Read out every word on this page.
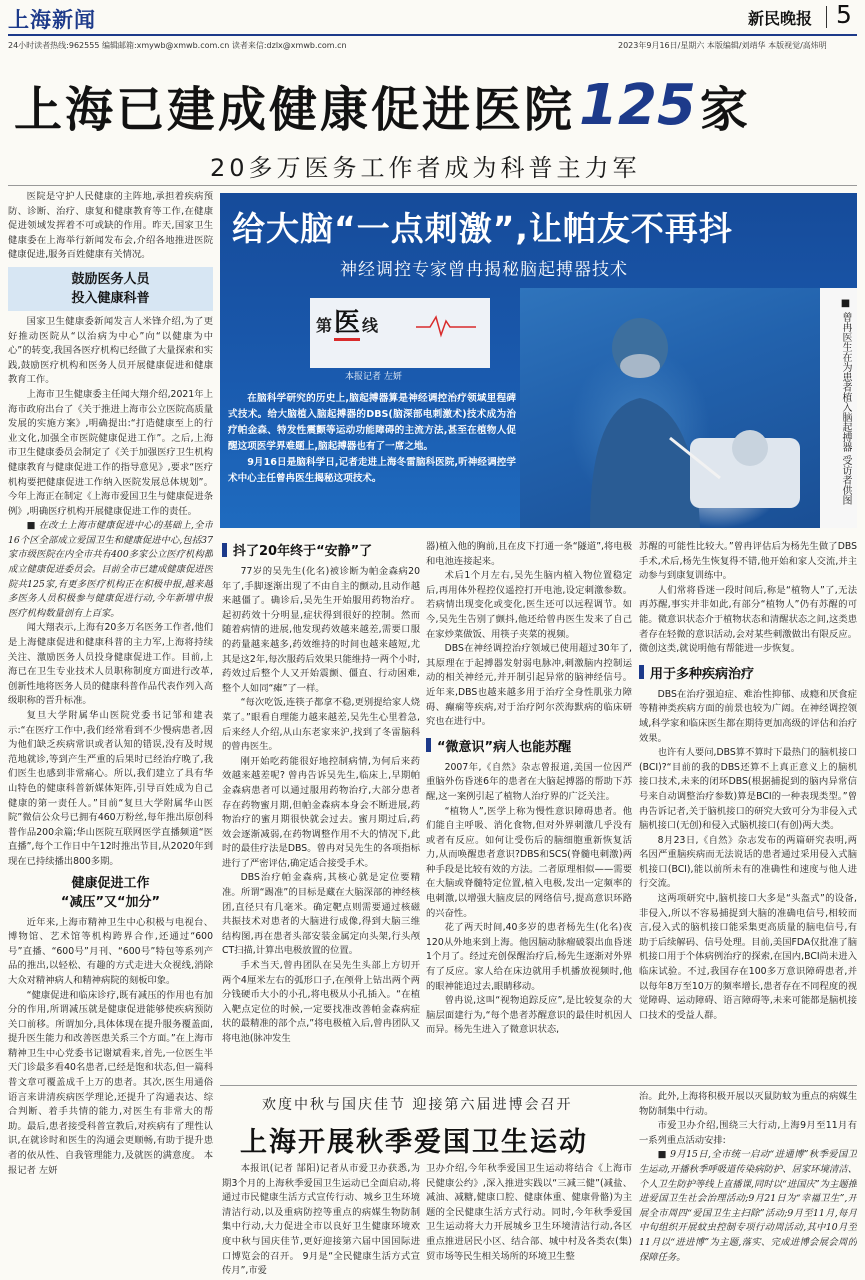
上海新闻	新民晚报 5
24小时读者热线:962555 编辑邮箱:xmywb@xmwb.com.cn 读者来信:dzlx@xmwb.com.cn	2023年9月16日/星期六 本版编辑/刘靖华 本版视觉/高炜明
上海已建成健康促进医院 125 家
20多万医务工作者成为科普主力军

医院是守护人民健康的主阵地,承担着疾病预防、诊断、治疗、康复和健康教育等工作,在健康促进领域发挥着不可或缺的作用。昨天,国家卫生健康委在上海举行新闻发布会,介绍各地推进医院健康促进,服务百姓健康有关情况。

鼓励医务人员
投入健康科普

国家卫生健康委新闻发言人米锋介绍,为了更好推动医院从“以治病为中心”向“以健康为中心”的转变,我国各医疗机构已经做了大量探索和实践,鼓励医疗机构和医务人员开展健康促进和健康教育工作。

上海市卫生健康委主任闻大翔介绍,2021年上海市政府出台了《关于推进上海市公立医院高质量发展的实施方案》,明确提出:“打造健康至上的行业文化,加强全市医院健康促进工作”。之后,上海市卫生健康委员会制定了《关于加强医疗卫生机构健康教育与健康促进工作的指导意见》,要求“医疗机构要把健康促进工作纳入医院发展总体规划”。今年上海正在制定《上海市爱国卫生与健康促进条例》,明确医疗机构开展健康促进工作的责任。

■ 在改土上海市健康促进中心的基础上,全市16个区全部成立爱国卫生和健康促进中心,包括37家市级医院在内全市共有400多家公立医疗机构都成立健康促进委员会。目前全市已建成健康促进医院共125家,有更多医疗机构正在积极申报,越来越多医务人员积极参与健康促进行动,今年新增申报医疗机构数量创有上百家。

闻大翔表示,上海有20多万名医务工作者,他们是上海健康促进和健康科普的主力军,上海将持续关注、激励医务人员投身健康促进工作。目前,上海已在卫生专业技术人员职称制度方面进行改革,创新性地将医务人员的健康科普作品代表作列入高级职称的晋升标准。

复旦大学附属华山医院党委书记邹和建表示:“在医疗工作中,我们经常看到不少慢病患者,因为他们缺乏疾病常识或者认知的错误,没有及时规范地就诊,等到产生严重的后果时已经治疗晚了,我们医生也感到非常痛心。所以,我们建立了具有华山特色的健康科普新媒体矩阵,引导百姓成为自己健康的第一责任人。”目前“复旦大学附属华山医院”微信公众号已拥有460万粉丝,每年推出原创科普作品200余篇;华山医院互联网医学直播频道“医直播”,每个工作日中午12时推出节目,从2020年到现在已持续播出800多期。

健康促进工作
“减压”又“加分”

近年来,上海市精神卫生中心积极与电视台、博物馆、艺术馆等机构跨界合作,还通过“600号”直播、“600号”月刊、“600号”特包等系列产品的推出,以轻松、有趣的方式走进大众视线,消除大众对精神病人和精神病院的刻板印象。

“健康促进和临床诊疗,既有减压的作用也有加分的作用,所谓减压就是健康促进能够使疾病预防关口前移。所谓加分,具体体现在提升服务覆盖面,提升医生能力和改善医患关系三个方面。”在上海市精神卫生中心党委书记谢斌看来,首先,一位医生半天门诊最多看40名患者,已经是饱和状态,但一篇科普文章可覆盖成千上万的患者。其次,医生用通俗语言来讲清疾病医学理论,还提升了沟通表达、综合判断、着手共情的能力,对医生有非常大的帮助。最后,患者接受科普宣教后,对疾病有了理性认识,在就诊时和医生的沟通会更顺畅,有助于提升患者的依从性、自我管理能力,及就医的满意度。 本报记者 左妍

给大脑“一点刺激”,让帕友不再抖
神经调控专家曾冉揭秘脑起搏器技术
第 医 线
本报记者 左妍	■ 曾冉医生在为患者植入脑起搏器 受访者供图

在脑科学研究的历史上,脑起搏器算是神经调控治疗领域里程碑式技术。给大脑植入脑起搏器的DBS(脑深部电刺激术)技术成为治疗帕金森、特发性震颤等运动功能障碍的主流方法,甚至在植物人促醒这项医学界难题上,脑起搏器也有了一席之地。

9月16日是脑科学日,记者走进上海冬雷脑科医院,听神经调控学术中心主任曾冉医生揭秘这项技术。

抖了20年终于“安静”了

77岁的吴先生(化名)被诊断为帕金森病20年了,手脚逐渐出现了不由自主的颤动,且动作越来越僵了。确诊后,吴先生开始服用药物治疗。起初药效十分明显,症状得到很好的控制。然而随着病情的进展,他发现药效越来越差,需要口服的药量越来越多,药效维持的时间也越来越短,尤其是这2年,每次服药后效果只能维持一两个小时,药效过后整个人又开始震颤、僵直、行动困难,整个人如同“瘫”了一样。

“每次吃饭,连筷子都拿不稳,更别提给家人烧菜了。”眼看自理能力越来越差,吴先生心里着急,后来经人介绍,从山东老家来沪,找到了冬雷脑科的曾冉医生。

刚开始吃药能很好地控制病情,为何后来药效越来越差呢? 曾冉告诉吴先生,临床上,早期帕金森病患者可以通过服用药物治疗,大部分患者存在药物蜜月期,但帕金森病本身会不断进展,药物治疗的蜜月期很快就会过去。蜜月期过后,药效会逐渐减弱,在药物调整作用不大的情况下,此时的最佳疗法是DBS。曾冉对吴先生的各项指标进行了严密评估,确定适合接受手术。

DBS治疗帕金森病,其核心就是定位要精准。所谓“踢准”的目标是藏在大脑深部的神经核团,直径只有几毫米。确定靶点则需要通过核磁共振技术对患者的大脑进行成像,得到大脑三维结构图,再在患者头部安装金属定向头架,行头颅CT扫描,计算出电极放置的位置。

手术当天,曾冉团队在吴先生头部上方切开两个4厘米左右的弧形口子,在颅骨上钻出两个两分钱硬币大小的小孔,将电极从小孔插入。“在植入靶点定位的时候,一定要找准改善帕金森病症状的最精准的部个点,”将电极植入后,曾冉团队又将电池(脉冲发生

器)植入他的胸前,且在皮下打通一条“隧道”,将电极和电池连接起来。

术后1个月左右,吴先生脑内植入物位置稳定后,再用体外程控仪遥控打开电池,设定刺激参数。若病情出现变化或变化,医生还可以远程调节。如今,吴先生告别了颤抖,他还给曾冉医生发来了自己在家炒菜做饭、用筷子夹菜的视频。

DBS在神经调控治疗领域已使用超过30年了,其原理在于起搏器发射弱电脉冲,刺激脑内控制运动的相关神经元,并开制引起异常的脑神经信号。近年来,DBS也越来越多用于治疗全身性肌张力障碍、癫痫等疾病,对于治疗阿尔茨海默病的临床研究也在进行中。

“微意识”病人也能苏醒

2007年,《自然》杂志曾报道,美国一位因严重脑外伤昏迷6年的患者在大脑起搏器的帮助下苏醒,这一案例引起了植物人治疗界的广泛关注。

“植物人”,医学上称为慢性意识障碍患者。他们能自主呼吸、消化食物,但对外界刺激几乎没有或者有反应。如何让受伤后的脑细胞重新恢复活力,从而唤醒患者意识?DBS和SCS(脊髓电刺激)两种手段是比较有效的方法。二者原理相似——需要在大脑或脊髓特定位置,植入电极,发出一定频率的电刺激,以增强大脑皮层的网络信号,提高意识环路的兴奋性。

花了两天时间,40多岁的患者杨先生(化名)夜120从外地来到上海。他因脑动脉瘤破裂出血昏迷1个月了。经过充创保醒治疗后,杨先生逐渐对外界有了反应。家人给在床边就用手机播放视频时,他的眼神能追过去,眼睛移动。

曾冉说,这叫“视物追踪反应”,是比较复杂的大脑层面建行为,“每个患者苏醒意识的最佳时机因人而异。杨先生进入了微意识状态,

苏醒的可能性比较大。”曾冉评估后为杨先生做了DBS手术,术后,杨先生恢复得不错,他开始和家人交流,并主动参与到康复训练中。

人们常将昏迷一段时间后,称是“植物人”了,无法再苏醒,事实并非如此,有部分“植物人”仍有苏醒的可能。微意识状态介于植物状态和清醒状态之间,这类患者存在轻微的意识活动,会对某些刺激做出有限反应。微创这类,就说明他有帮能进一步恢复。

用于多种疾病治疗

DBS在治疗强迫症、难治性抑郁、成瘾和厌食症等精神类疾病方面的前景也较为广阔。在神经调控领域,科学家和临床医生都在期待更加高级的评估和治疗效果。

也许有人要问,DBS算不算时下最热门的脑机接口(BCI)?“目前的我的DBS还算不上真正意义上的脑机接口技术,未来的闭环DBS(根据捕捉到的脑内异常信号来自动调整治疗参数)算是BCI的一种表现类型。”曾冉告诉记者,关于脑机接口的研究大致可分为非侵入式脑机接口(无创)和侵入式脑机接口(有创)两大类。

8月23日,《自然》杂志发布的两篇研究表明,两名因严重脑疾病而无法说话的患者通过采用侵入式脑机接口(BCI),能以前所未有的准确性和速度与他人进行交流。

这两项研究中,脑机接口大多是“头盔式”的设备,非侵入,所以不容易捕捉到大脑的准确电信号,相较而言,侵入式的脑机接口能采集更高质量的脑电信号,有助于后续解码、信号处理。目前,美国FDA仅批准了脑机接口用于个体病例治疗的探索,在国内,BCI尚未进入临床试验。不过,我国存在100多万意识障碍患者,并以每年8万至10万的频率增长,患者存在不同程度的视觉障碍、运动障碍、语言障碍等,未来可能都是脑机接口技术的受益人群。

欢度中秋与国庆佳节 迎接第六届进博会召开
上海开展秋季爱国卫生运动

本报讯(记者 郜阳)记者从市爱卫办获悉,为期3个月的上海秋季爱国卫生运动已全面启动,将通过市民健康生活方式宣传行动、城乡卫生环境清洁行动,以及重病防控等重点的病媒生物防制集中行动,大力促进全市以良好卫生健康环境欢度中秋与国庆佳节,更好迎接第六届中国国际进口博览会的召开。 9月是“全民健康生活方式宣传月”,市爱

卫办介绍,今年秋季爱国卫生运动将结合《上海市民健康公约》,深入推进实践以“三减三健”(减盐、减油、减糖,健康口腔、健康体重、健康骨骼)为主题的全民健康生活方式行动。同时,今年秋季爱国卫生运动将大力开展城乡卫生环境清洁行动,各区重点推进居民小区、结合部、城中村及各类农(集)贸市场等民生相关场所的环境卫生整

治。此外,上海将积极开展以灭鼠防蚊为重点的病媒生物防制集中行动。

市爱卫办介绍,围绕三大行动,上海9月至11月有一系列重点活动安排:

■ 9月15日,全市统一启动“进通博”秋季爱国卫生运动,开播秋季呼吸道传染病防护、居家环境清洁、个人卫生防护等线上直播课,同时以“进国庆”为主题推进爱国卫生社会治理活动;9月21日为“幸福卫生”,开展全市周四“爱国卫生主扫除”活动;9月至11月,每月中旬组织开展蚊虫控制专项行动周活动,其中10月至11月以“进进博”为主题,落实、完成进博会展会周的保障任务。
